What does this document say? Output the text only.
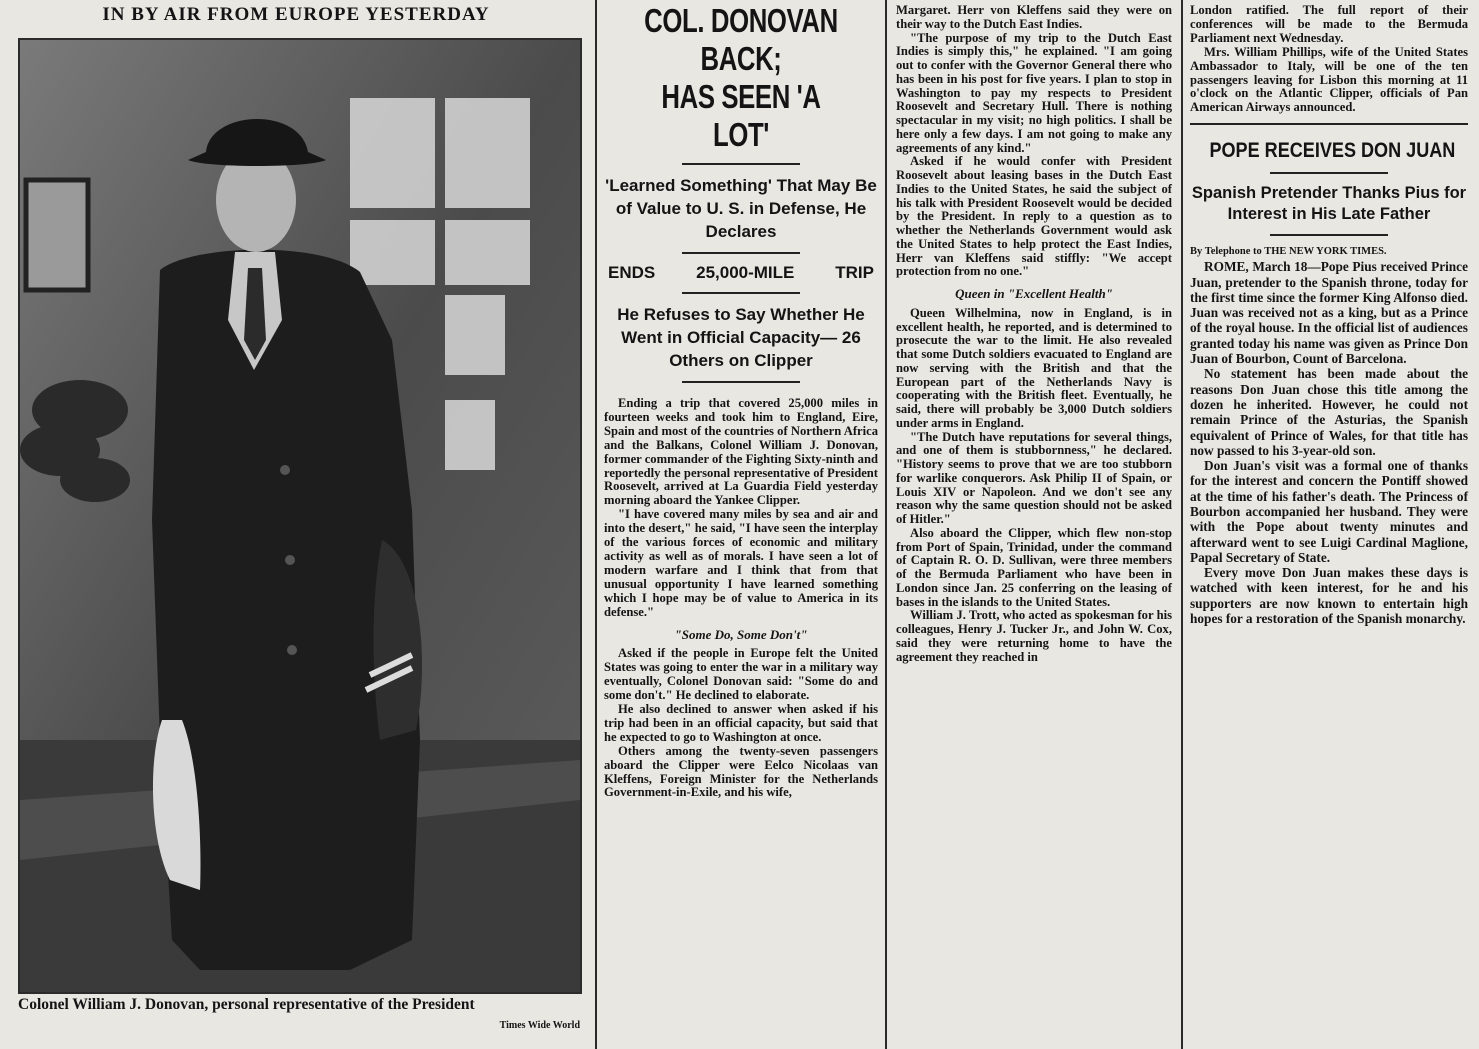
IN BY AIR FROM EUROPE YESTERDAY
Colonel William J. Donovan, personal representative of the President
Times Wide World
COL. DONOVAN BACK;
HAS SEEN 'A LOT'
'Learned Something' That May Be of Value to U. S. in Defense, He Declares
ENDS 25,000-MILE TRIP
He Refuses to Say Whether He Went in Official Capacity— 26 Others on Clipper

Ending a trip that covered 25,000 miles in fourteen weeks and took him to England, Eire, Spain and most of the countries of Northern Africa and the Balkans, Colonel William J. Donovan, former commander of the Fighting Sixty-ninth and reportedly the personal representative of President Roosevelt, arrived at La Guardia Field yesterday morning aboard the Yankee Clipper.

"I have covered many miles by sea and air and into the desert," he said, "I have seen the interplay of the various forces of economic and military activity as well as of morals. I have seen a lot of modern warfare and I think that from that unusual opportunity I have learned something which I hope may be of value to America in its defense."

"Some Do, Some Don't"

Asked if the people in Europe felt the United States was going to enter the war in a military way eventually, Colonel Donovan said: "Some do and some don't." He declined to elaborate.

He also declined to answer when asked if his trip had been in an official capacity, but said that he expected to go to Washington at once.

Others among the twenty-seven passengers aboard the Clipper were Eelco Nicolaas van Kleffens, Foreign Minister for the Netherlands Government-in-Exile, and his wife,

Margaret. Herr von Kleffens said they were on their way to the Dutch East Indies.

"The purpose of my trip to the Dutch East Indies is simply this," he explained. "I am going out to confer with the Governor General there who has been in his post for five years. I plan to stop in Washington to pay my respects to President Roosevelt and Secretary Hull. There is nothing spectacular in my visit; no high politics. I shall be here only a few days. I am not going to make any agreements of any kind."

Asked if he would confer with President Roosevelt about leasing bases in the Dutch East Indies to the United States, he said the subject of his talk with President Roosevelt would be decided by the President. In reply to a question as to whether the Netherlands Government would ask the United States to help protect the East Indies, Herr van Kleffens said stiffly: "We accept protection from no one."

Queen in "Excellent Health"

Queen Wilhelmina, now in England, is in excellent health, he reported, and is determined to prosecute the war to the limit. He also revealed that some Dutch soldiers evacuated to England are now serving with the British and that the European part of the Netherlands Navy is cooperating with the British fleet. Eventually, he said, there will probably be 3,000 Dutch soldiers under arms in England.

"The Dutch have reputations for several things, and one of them is stubbornness," he declared. "History seems to prove that we are too stubborn for warlike conquerors. Ask Philip II of Spain, or Louis XIV or Napoleon. And we don't see any reason why the same question should not be asked of Hitler."

Also aboard the Clipper, which flew non-stop from Port of Spain, Trinidad, under the command of Captain R. O. D. Sullivan, were three members of the Bermuda Parliament who have been in London since Jan. 25 conferring on the leasing of bases in the islands to the United States.

William J. Trott, who acted as spokesman for his colleagues, Henry J. Tucker Jr., and John W. Cox, said they were returning home to have the agreement they reached in

London ratified. The full report of their conferences will be made to the Bermuda Parliament next Wednesday.

Mrs. William Phillips, wife of the United States Ambassador to Italy, will be one of the ten passengers leaving for Lisbon this morning at 11 o'clock on the Atlantic Clipper, officials of Pan American Airways announced.

POPE RECEIVES DON JUAN
Spanish Pretender Thanks Pius for Interest in His Late Father
By Telephone to THE NEW YORK TIMES.

ROME, March 18—Pope Pius received Prince Juan, pretender to the Spanish throne, today for the first time since the former King Alfonso died. Juan was received not as a king, but as a Prince of the royal house. In the official list of audiences granted today his name was given as Prince Don Juan of Bourbon, Count of Barcelona.

No statement has been made about the reasons Don Juan chose this title among the dozen he inherited. However, he could not remain Prince of the Asturias, the Spanish equivalent of Prince of Wales, for that title has now passed to his 3-year-old son.

Don Juan's visit was a formal one of thanks for the interest and concern the Pontiff showed at the time of his father's death. The Princess of Bourbon accompanied her husband. They were with the Pope about twenty minutes and afterward went to see Luigi Cardinal Maglione, Papal Secretary of State.

Every move Don Juan makes these days is watched with keen interest, for he and his supporters are now known to entertain high hopes for a restoration of the Spanish monarchy.
